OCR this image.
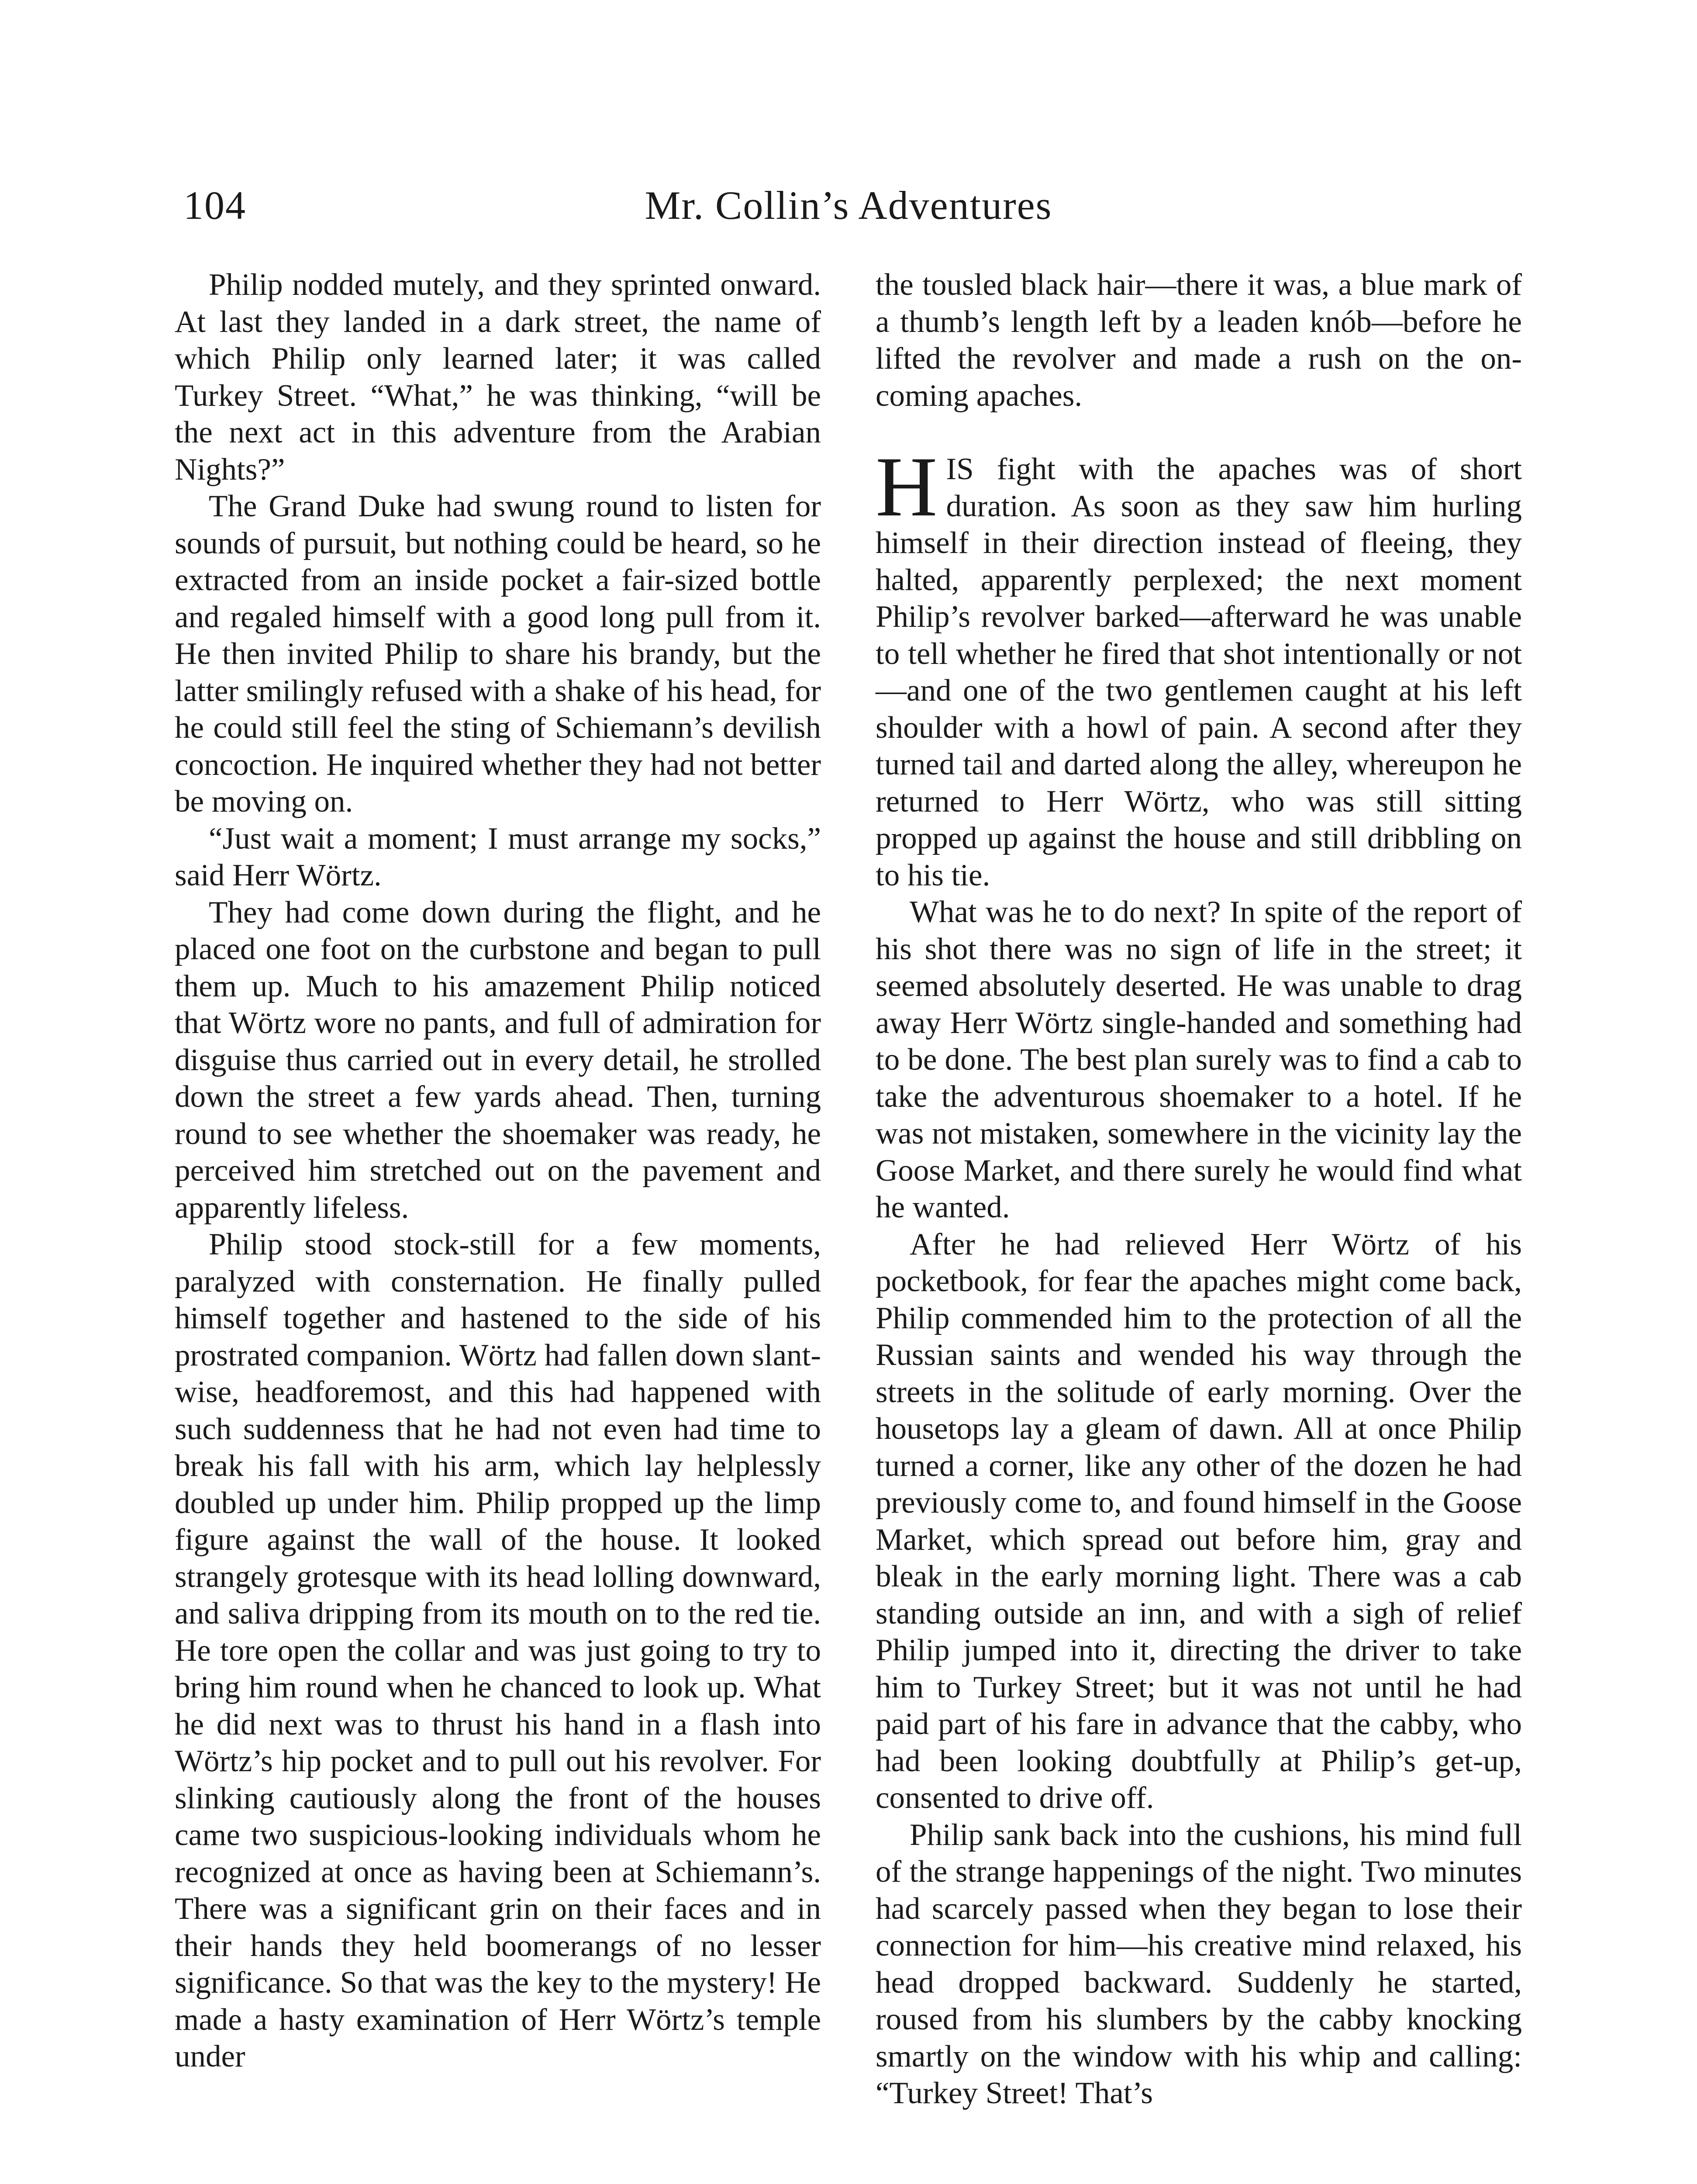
104	Mr. Collin’s Adventures

Philip nodded mutely, and they sprinted onward. At last they landed in a dark street, the name of which Philip only learned later; it was called Turkey Street. “What,” he was thinking, “will be the next act in this adventure from the Arabian Nights?”

The Grand Duke had swung round to listen for sounds of pursuit, but nothing could be heard, so he extracted from an inside pocket a fair-sized bottle and regaled himself with a good long pull from it. He then invited Philip to share his brandy, but the latter smilingly refused with a shake of his head, for he could still feel the sting of Schiemann’s devilish concoction. He inquired whether they had not better be moving on.

“Just wait a moment; I must arrange my socks,” said Herr Wörtz.

They had come down during the flight, and he placed one foot on the curbstone and began to pull them up. Much to his amazement Philip noticed that Wörtz wore no pants, and full of admiration for disguise thus carried out in every detail, he strolled down the street a few yards ahead. Then, turning round to see whether the shoemaker was ready, he perceived him stretched out on the pavement and apparently lifeless.

Philip stood stock-still for a few moments, paralyzed with consternation. He finally pulled himself together and hastened to the side of his prostrated companion. Wörtz had fallen down slant-wise, headforemost, and this had happened with such suddenness that he had not even had time to break his fall with his arm, which lay helplessly doubled up under him. Philip propped up the limp figure against the wall of the house. It looked strangely grotesque with its head lolling downward, and saliva dripping from its mouth on to the red tie. He tore open the collar and was just going to try to bring him round when he chanced to look up. What he did next was to thrust his hand in a flash into Wörtz’s hip pocket and to pull out his revolver. For slinking cautiously along the front of the houses came two suspicious-looking individuals whom he recognized at once as having been at Schiemann’s. There was a significant grin on their faces and in their hands they held boomerangs of no lesser significance. So that was the key to the mystery! He made a hasty examination of Herr Wörtz’s temple under

the tousled black hair—there it was, a blue mark of a thumb’s length left by a leaden knób—before he lifted the revolver and made a rush on the on-coming apaches.

HIS fight with the apaches was of short duration. As soon as they saw him hurling himself in their direction instead of fleeing, they halted, apparently perplexed; the next moment Philip’s revolver barked—afterward he was unable to tell whether he fired that shot intentionally or not—and one of the two gentlemen caught at his left shoulder with a howl of pain. A second after they turned tail and darted along the alley, whereupon he returned to Herr Wörtz, who was still sitting propped up against the house and still dribbling on to his tie.

What was he to do next? In spite of the report of his shot there was no sign of life in the street; it seemed absolutely deserted. He was unable to drag away Herr Wörtz single-handed and something had to be done. The best plan surely was to find a cab to take the adventurous shoemaker to a hotel. If he was not mistaken, somewhere in the vicinity lay the Goose Market, and there surely he would find what he wanted.

After he had relieved Herr Wörtz of his pocketbook, for fear the apaches might come back, Philip commended him to the protection of all the Russian saints and wended his way through the streets in the solitude of early morning. Over the housetops lay a gleam of dawn. All at once Philip turned a corner, like any other of the dozen he had previously come to, and found himself in the Goose Market, which spread out before him, gray and bleak in the early morning light. There was a cab standing outside an inn, and with a sigh of relief Philip jumped into it, directing the driver to take him to Turkey Street; but it was not until he had paid part of his fare in advance that the cabby, who had been looking doubtfully at Philip’s get-up, consented to drive off.

Philip sank back into the cushions, his mind full of the strange happenings of the night. Two minutes had scarcely passed when they began to lose their connection for him—his creative mind relaxed, his head dropped backward. Suddenly he started, roused from his slumbers by the cabby knocking smartly on the window with his whip and calling: “Turkey Street! That’s
